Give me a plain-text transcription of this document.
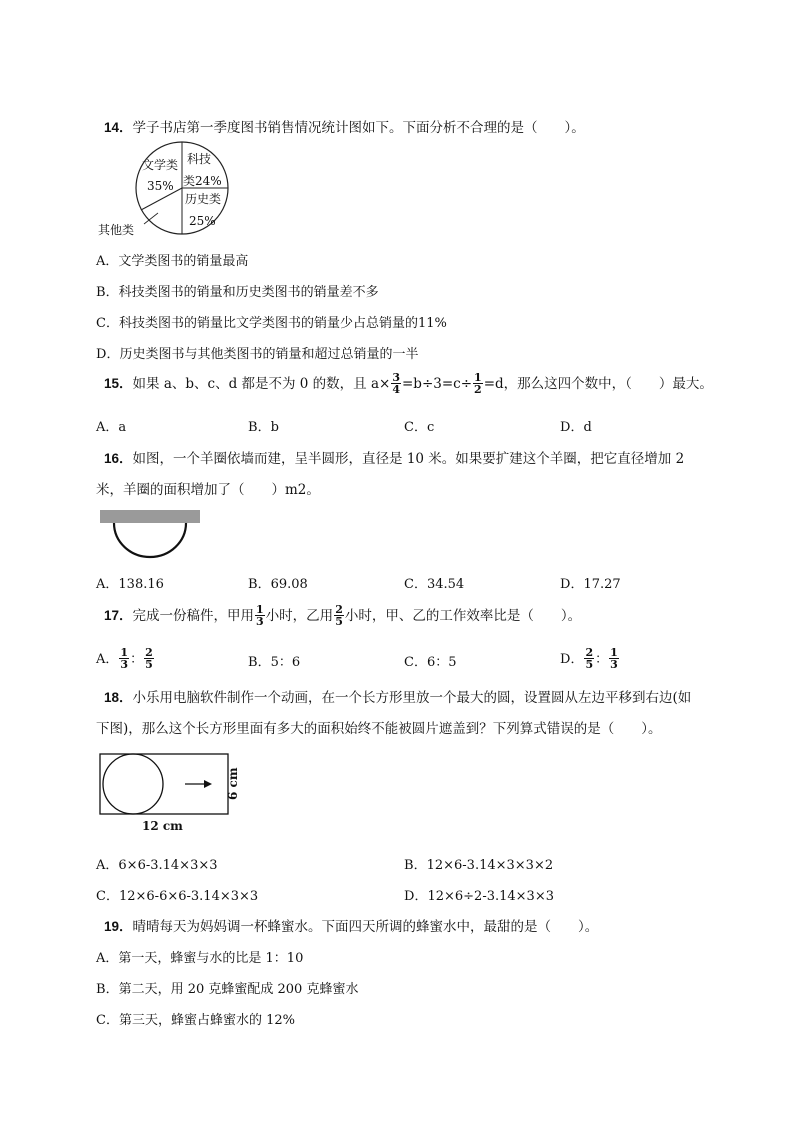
14．学子书店第一季度图书销售情况统计图如下。下面分析不合理的是（　　）。
文学类
35%
科技
类24%
历史类
25%
其他类
A．文学类图书的销量最高
B．科技类图书的销量和历史类图书的销量差不多
C．科技类图书的销量比文学类图书的销量少占总销量的11%
D．历史类图书与其他类图书的销量和超过总销量的一半
15．如果 a、b、c、d 都是不为 0 的数，且 $a\times \frac{3}{4} =b\div 3=c\div \frac{1}{2} =d$，那么这四个数中，（　　）最大。
A．a	B．b	C．c	D．d
16．如图，一个羊圈依墙而建，呈半圆形，直径是 10 米。如果要扩建这个羊圈，把它直径增加 2
米，羊圈的面积增加了（　　）m2。
A．138.16	B．69.08	C．34.54	D．17.27
17．完成一份稿件，甲用 $\frac{1}{3}$ 小时，乙用 $\frac{2}{5}$ 小时，甲、乙的工作效率比是（　　）。
A． $\frac{1}{3}$ ： $\frac{2}{5}$	B．5：6	C．6：5	D． $\frac{2}{5}$ ： $\frac{1}{3}$
18．小乐用电脑软件制作一个动画，在一个长方形里放一个最大的圆，设置圆从左边平移到右边(如
下图)，那么这个长方形里面有多大的面积始终不能被圆片遮盖到？下列算式错误的是（　　）。
12 cm
6 cm
A．6×6-3.14×3×3	B．12×6-3.14×3×3×2
C．12×6-6×6-3.14×3×3	D．12×6÷2-3.14×3×3
19．晴晴每天为妈妈调一杯蜂蜜水。下面四天所调的蜂蜜水中，最甜的是（　　）。
A．第一天，蜂蜜与水的比是 1：10
B．第二天，用 20 克蜂蜜配成 200 克蜂蜜水
C．第三天，蜂蜜占蜂蜜水的 12%
